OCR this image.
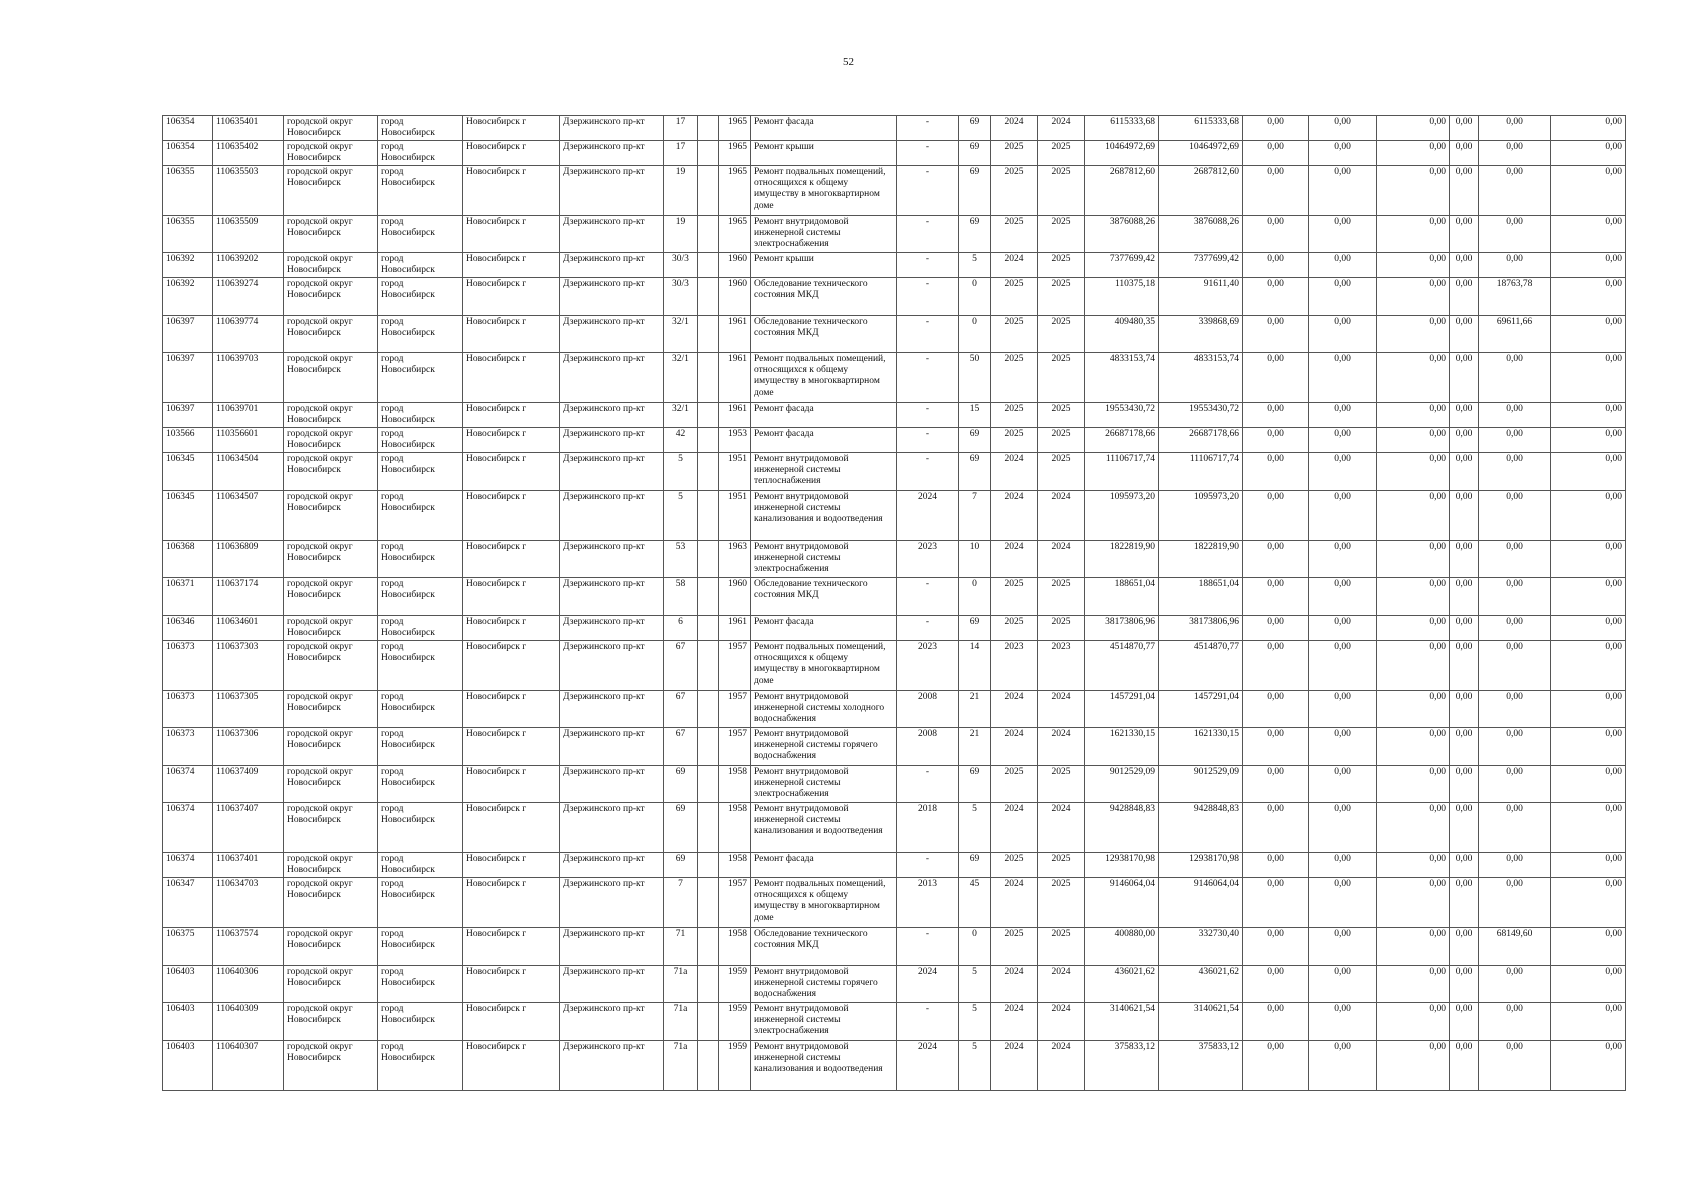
52
106354	110635401	городской округ Новосибирск	город Новосибирск	Новосибирск г	Дзержинского пр-кт	17		1965	Ремонт фасада	-	69	2024	2024	6115333,68	6115333,68	0,00	0,00	0,00	0,00	0,00	0,00
106354	110635402	городской округ Новосибирск	город Новосибирск	Новосибирск г	Дзержинского пр-кт	17		1965	Ремонт крыши	-	69	2025	2025	10464972,69	10464972,69	0,00	0,00	0,00	0,00	0,00	0,00
106355	110635503	городской округ Новосибирск	город Новосибирск	Новосибирск г	Дзержинского пр-кт	19		1965	Ремонт подвальных помещений, относящихся к общему имуществу в многоквартирном доме	-	69	2025	2025	2687812,60	2687812,60	0,00	0,00	0,00	0,00	0,00	0,00
106355	110635509	городской округ Новосибирск	город Новосибирск	Новосибирск г	Дзержинского пр-кт	19		1965	Ремонт внутридомовой инженерной системы электроснабжения	-	69	2025	2025	3876088,26	3876088,26	0,00	0,00	0,00	0,00	0,00	0,00
106392	110639202	городской округ Новосибирск	город Новосибирск	Новосибирск г	Дзержинского пр-кт	30/3		1960	Ремонт крыши	-	5	2024	2025	7377699,42	7377699,42	0,00	0,00	0,00	0,00	0,00	0,00
106392	110639274	городской округ Новосибирск	город Новосибирск	Новосибирск г	Дзержинского пр-кт	30/3		1960	Обследование технического состояния МКД	-	0	2025	2025	110375,18	91611,40	0,00	0,00	0,00	0,00	18763,78	0,00
106397	110639774	городской округ Новосибирск	город Новосибирск	Новосибирск г	Дзержинского пр-кт	32/1		1961	Обследование технического состояния МКД	-	0	2025	2025	409480,35	339868,69	0,00	0,00	0,00	0,00	69611,66	0,00
106397	110639703	городской округ Новосибирск	город Новосибирск	Новосибирск г	Дзержинского пр-кт	32/1		1961	Ремонт подвальных помещений, относящихся к общему имуществу в многоквартирном доме	-	50	2025	2025	4833153,74	4833153,74	0,00	0,00	0,00	0,00	0,00	0,00
106397	110639701	городской округ Новосибирск	город Новосибирск	Новосибирск г	Дзержинского пр-кт	32/1		1961	Ремонт фасада	-	15	2025	2025	19553430,72	19553430,72	0,00	0,00	0,00	0,00	0,00	0,00
103566	110356601	городской округ Новосибирск	город Новосибирск	Новосибирск г	Дзержинского пр-кт	42		1953	Ремонт фасада	-	69	2025	2025	26687178,66	26687178,66	0,00	0,00	0,00	0,00	0,00	0,00
106345	110634504	городской округ Новосибирск	город Новосибирск	Новосибирск г	Дзержинского пр-кт	5		1951	Ремонт внутридомовой инженерной системы теплоснабжения	-	69	2024	2025	11106717,74	11106717,74	0,00	0,00	0,00	0,00	0,00	0,00
106345	110634507	городской округ Новосибирск	город Новосибирск	Новосибирск г	Дзержинского пр-кт	5		1951	Ремонт внутридомовой инженерной системы канализования и водоотведения	2024	7	2024	2024	1095973,20	1095973,20	0,00	0,00	0,00	0,00	0,00	0,00
106368	110636809	городской округ Новосибирск	город Новосибирск	Новосибирск г	Дзержинского пр-кт	53		1963	Ремонт внутридомовой инженерной системы электроснабжения	2023	10	2024	2024	1822819,90	1822819,90	0,00	0,00	0,00	0,00	0,00	0,00
106371	110637174	городской округ Новосибирск	город Новосибирск	Новосибирск г	Дзержинского пр-кт	58		1960	Обследование технического состояния МКД	-	0	2025	2025	188651,04	188651,04	0,00	0,00	0,00	0,00	0,00	0,00
106346	110634601	городской округ Новосибирск	город Новосибирск	Новосибирск г	Дзержинского пр-кт	6		1961	Ремонт фасада	-	69	2025	2025	38173806,96	38173806,96	0,00	0,00	0,00	0,00	0,00	0,00
106373	110637303	городской округ Новосибирск	город Новосибирск	Новосибирск г	Дзержинского пр-кт	67		1957	Ремонт подвальных помещений, относящихся к общему имуществу в многоквартирном доме	2023	14	2023	2023	4514870,77	4514870,77	0,00	0,00	0,00	0,00	0,00	0,00
106373	110637305	городской округ Новосибирск	город Новосибирск	Новосибирск г	Дзержинского пр-кт	67		1957	Ремонт внутридомовой инженерной системы холодного водоснабжения	2008	21	2024	2024	1457291,04	1457291,04	0,00	0,00	0,00	0,00	0,00	0,00
106373	110637306	городской округ Новосибирск	город Новосибирск	Новосибирск г	Дзержинского пр-кт	67		1957	Ремонт внутридомовой инженерной системы горячего водоснабжения	2008	21	2024	2024	1621330,15	1621330,15	0,00	0,00	0,00	0,00	0,00	0,00
106374	110637409	городской округ Новосибирск	город Новосибирск	Новосибирск г	Дзержинского пр-кт	69		1958	Ремонт внутридомовой инженерной системы электроснабжения	-	69	2025	2025	9012529,09	9012529,09	0,00	0,00	0,00	0,00	0,00	0,00
106374	110637407	городской округ Новосибирск	город Новосибирск	Новосибирск г	Дзержинского пр-кт	69		1958	Ремонт внутридомовой инженерной системы канализования и водоотведения	2018	5	2024	2024	9428848,83	9428848,83	0,00	0,00	0,00	0,00	0,00	0,00
106374	110637401	городской округ Новосибирск	город Новосибирск	Новосибирск г	Дзержинского пр-кт	69		1958	Ремонт фасада	-	69	2025	2025	12938170,98	12938170,98	0,00	0,00	0,00	0,00	0,00	0,00
106347	110634703	городской округ Новосибирск	город Новосибирск	Новосибирск г	Дзержинского пр-кт	7		1957	Ремонт подвальных помещений, относящихся к общему имуществу в многоквартирном доме	2013	45	2024	2025	9146064,04	9146064,04	0,00	0,00	0,00	0,00	0,00	0,00
106375	110637574	городской округ Новосибирск	город Новосибирск	Новосибирск г	Дзержинского пр-кт	71		1958	Обследование технического состояния МКД	-	0	2025	2025	400880,00	332730,40	0,00	0,00	0,00	0,00	68149,60	0,00
106403	110640306	городской округ Новосибирск	город Новосибирск	Новосибирск г	Дзержинского пр-кт	71а		1959	Ремонт внутридомовой инженерной системы горячего водоснабжения	2024	5	2024	2024	436021,62	436021,62	0,00	0,00	0,00	0,00	0,00	0,00
106403	110640309	городской округ Новосибирск	город Новосибирск	Новосибирск г	Дзержинского пр-кт	71а		1959	Ремонт внутридомовой инженерной системы электроснабжения	-	5	2024	2024	3140621,54	3140621,54	0,00	0,00	0,00	0,00	0,00	0,00
106403	110640307	городской округ Новосибирск	город Новосибирск	Новосибирск г	Дзержинского пр-кт	71а		1959	Ремонт внутридомовой инженерной системы канализования и водоотведения	2024	5	2024	2024	375833,12	375833,12	0,00	0,00	0,00	0,00	0,00	0,00
